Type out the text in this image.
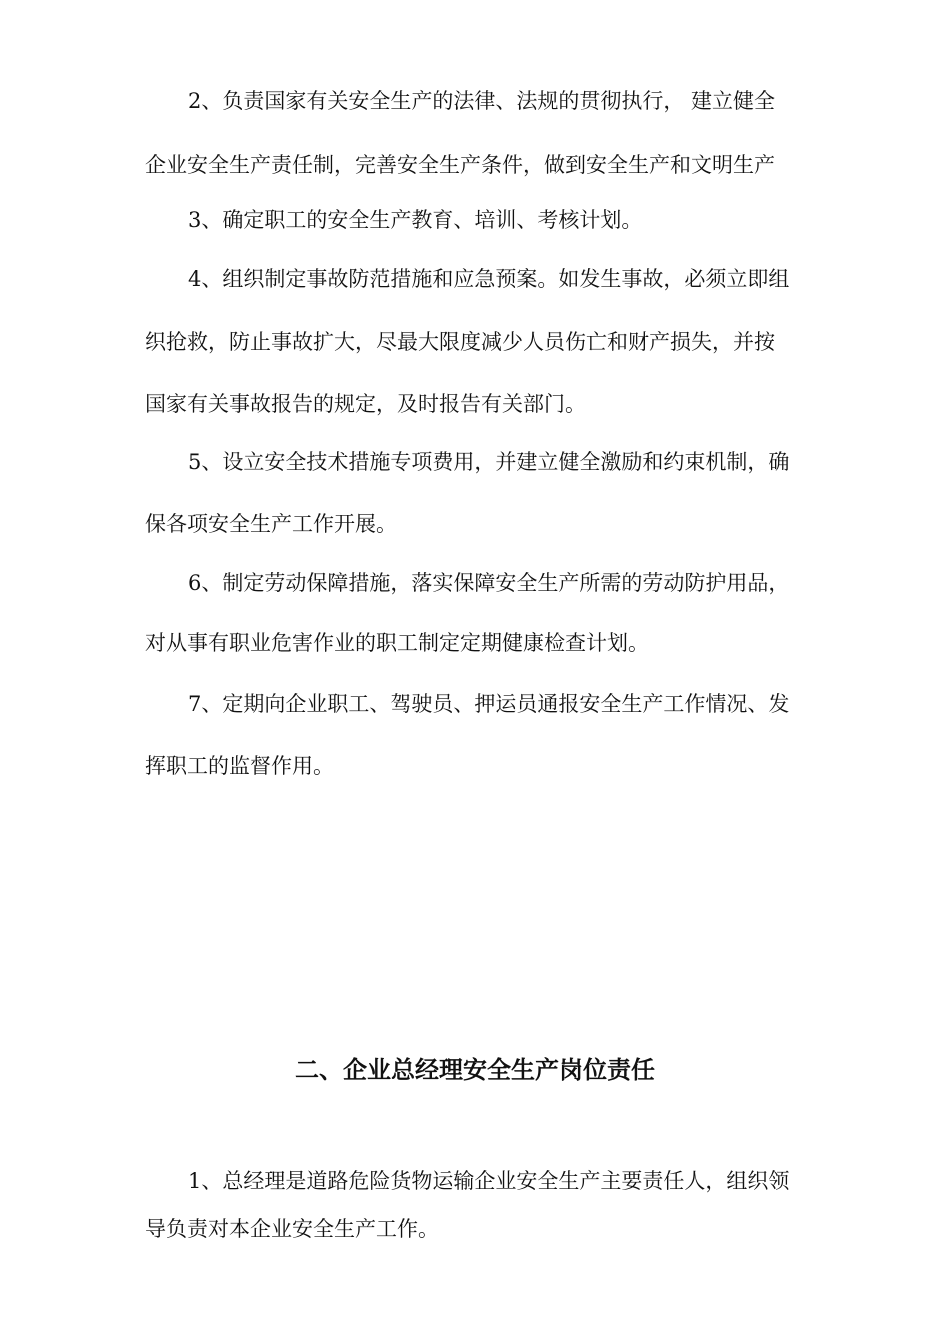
2、负责国家有关安全生产的法律、法规的贯彻执行， 建立健全
企业安全生产责任制，完善安全生产条件，做到安全生产和文明生产
3、确定职工的安全生产教育、培训、考核计划。
4、组织制定事故防范措施和应急预案。如发生事故，必须立即组
织抢救，防止事故扩大，尽最大限度减少人员伤亡和财产损失，并按
国家有关事故报告的规定，及时报告有关部门。
5、设立安全技术措施专项费用，并建立健全激励和约束机制，确
保各项安全生产工作开展。
6、制定劳动保障措施，落实保障安全生产所需的劳动防护用品，
对从事有职业危害作业的职工制定定期健康检查计划。
7、定期向企业职工、驾驶员、押运员通报安全生产工作情况、发
挥职工的监督作用。
二、企业总经理安全生产岗位责任
1、总经理是道路危险货物运输企业安全生产主要责任人，组织领
导负责对本企业安全生产工作。
